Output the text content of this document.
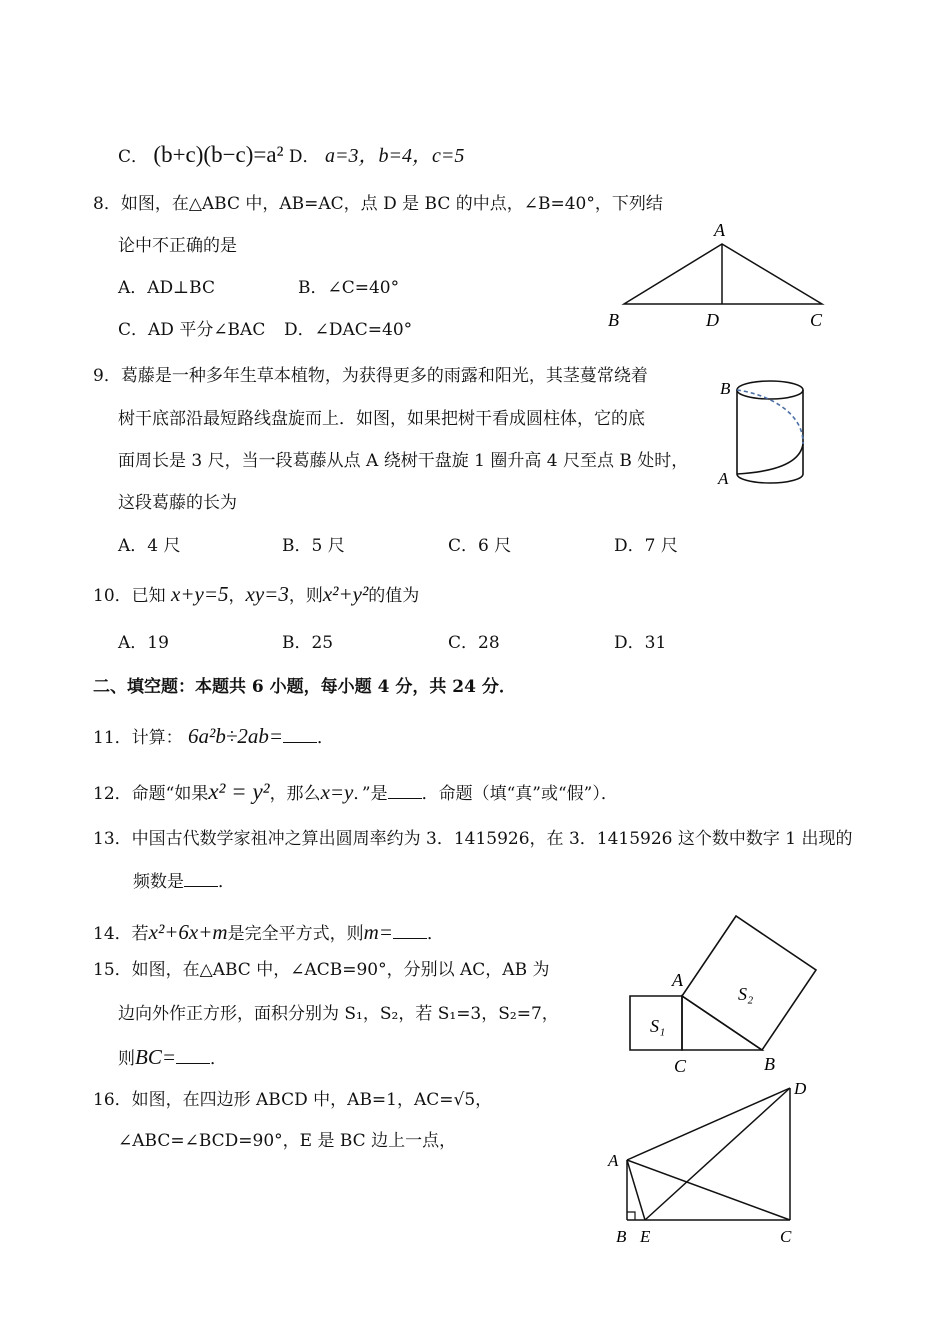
C． (b+c)(b−c)=a² D． a=3，b=4，c=5
8．如图，在△ABC 中，AB=AC，点 D 是 BC 的中点，∠B=40°，下列结
论中不正确的是
A．AD⊥BC	B．∠C=40°
C．AD 平分∠BAC D．∠DAC=40°
A
B	D	C
9．葛藤是一种多年生草本植物，为获得更多的雨露和阳光，其茎蔓常绕着
树干底部沿最短路线盘旋而上．如图，如果把树干看成圆柱体，它的底
面周长是 3 尺，当一段葛藤从点 A 绕树干盘旋 1 圈升高 4 尺至点 B 处时，
这段葛藤的长为
A．4 尺	B．5 尺	C．6 尺	D．7 尺
B
A
10．已知 x+y=5，xy=3，则x²+y²的值为
A．19	B．25	C．28	D．31
二、填空题：本题共 6 小题，每小题 4 分，共 24 分．
11．计算： 6a²b÷2ab= ．
12．命题“如果x² = y²，那么x=y．”是 ．命题（填“真”或“假”）．
13．中国古代数学家祖冲之算出圆周率约为 3．1415926，在 3．1415926 这个数中数字 1 出现的
频数是 ．
14．若x²+6x+m是完全平方式，则m= ．
15．如图，在△ABC 中，∠ACB=90°，分别以 AC，AB 为
边向外作正方形，面积分别为 S₁，S₂，若 S₁=3，S₂=7，
则BC= ．
A
C	B
S₁
S₂
16．如图，在四边形 ABCD 中，AB=1，AC=√5，
∠ABC=∠BCD=90°，E 是 BC 边上一点，
A
B E	C
D
